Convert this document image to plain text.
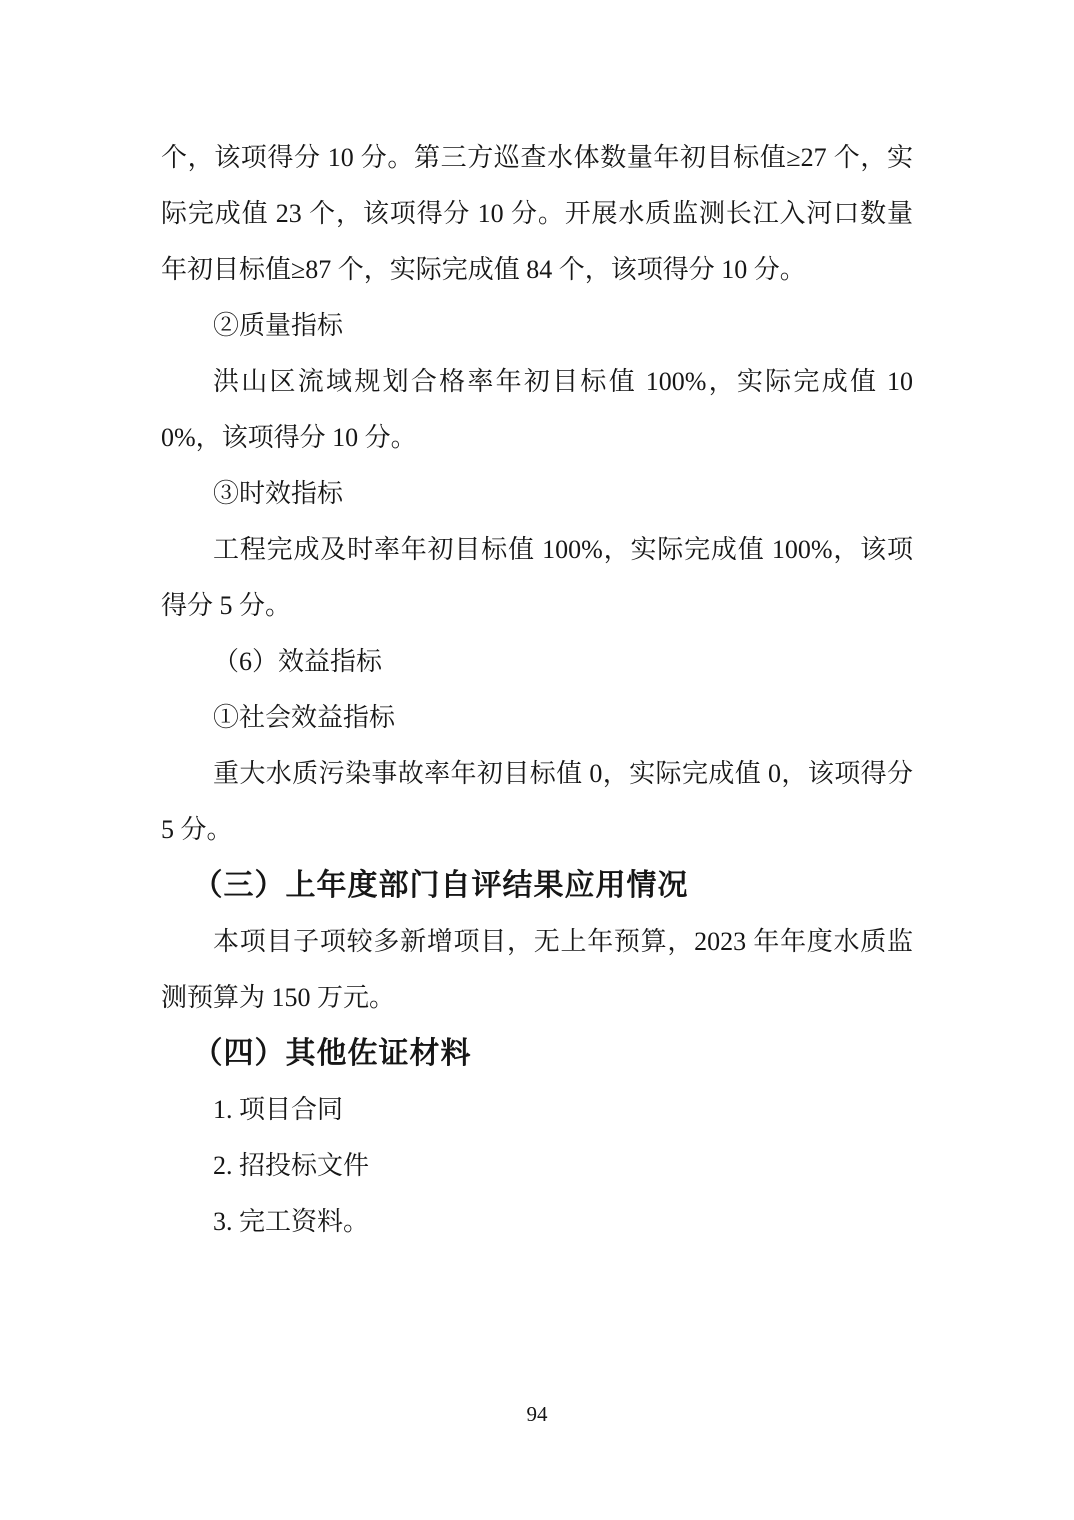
个，该项得分 10 分。第三方巡查水体数量年初目标值≥27 个，实际完成值 23 个，该项得分 10 分。开展水质监测长江入河口数量年初目标值≥87 个，实际完成值 84 个，该项得分 10 分。

②质量指标

洪山区流域规划合格率年初目标值 100%，实际完成值 100%，该项得分 10 分。

③时效指标

工程完成及时率年初目标值 100%，实际完成值 100%，该项得分 5 分。

（6）效益指标

①社会效益指标

重大水质污染事故率年初目标值 0，实际完成值 0，该项得分 5 分。

（三）上年度部门自评结果应用情况

本项目子项较多新增项目，无上年预算，2023 年年度水质监测预算为 150 万元。

（四）其他佐证材料

1. 项目合同

2. 招投标文件

3. 完工资料。

94
